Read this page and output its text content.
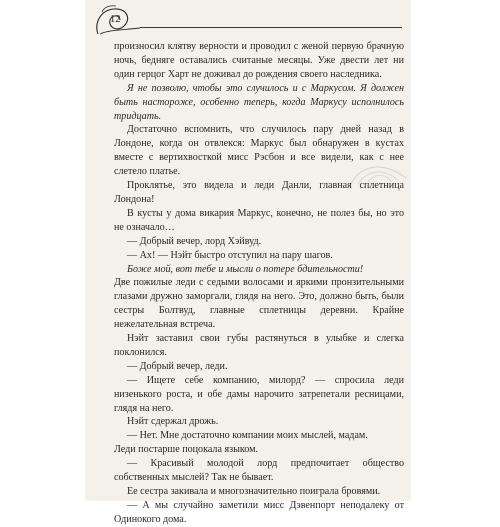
12

произносил клятву верности и проводил с женой первую брачную ночь, бедняге оставались считаные месяцы. Уже двести лет ни один герцог Харт не доживал до рождения своего наследника.

Я не позволю, чтобы это случилось и с Маркусом. Я должен быть настороже, особенно теперь, когда Маркусу исполнилось тридцать.

Достаточно вспомнить, что случилось пару дней назад в Лондоне, когда он отвлекся: Маркус был обнаружен в кустах вместе с вертихвосткой мисс Рэсбон и все видели, как с нее слетело платье.

Проклятье, это видела и леди Данли, главная сплетница Лондона!

В кусты у дома викария Маркус, конечно, не полез бы, но это не означало…

— Добрый вечер, лорд Хэйвуд.

— Ах! — Нэйт быстро отступил на пару шагов.

Боже мой, вот тебе и мысли о потере бдительности!

Две пожилые леди с седыми волосами и яркими пронзительными глазами дружно заморгали, глядя на него. Это, должно быть, были сестры Болтвуд, главные сплетницы деревни. Крайне нежелательная встреча.

Нэйт заставил свои губы растянуться в улыбке и слегка поклонился.

— Добрый вечер, леди.

— Ищете себе компанию, милорд? — спросила леди низенького роста, и обе дамы нарочито затрепетали ресницами, глядя на него.

Нэйт сдержал дрожь.

— Нет. Мне достаточно компании моих мыслей, мадам.

Леди постарше поцокала языком.

— Красивый молодой лорд предпочитает общество собственных мыслей? Так не бывает.

Ее сестра закивала и многозначительно поиграла бровями.

— А мы случайно заметили мисс Дэвенпорт неподалеку от Одинокого дома.
